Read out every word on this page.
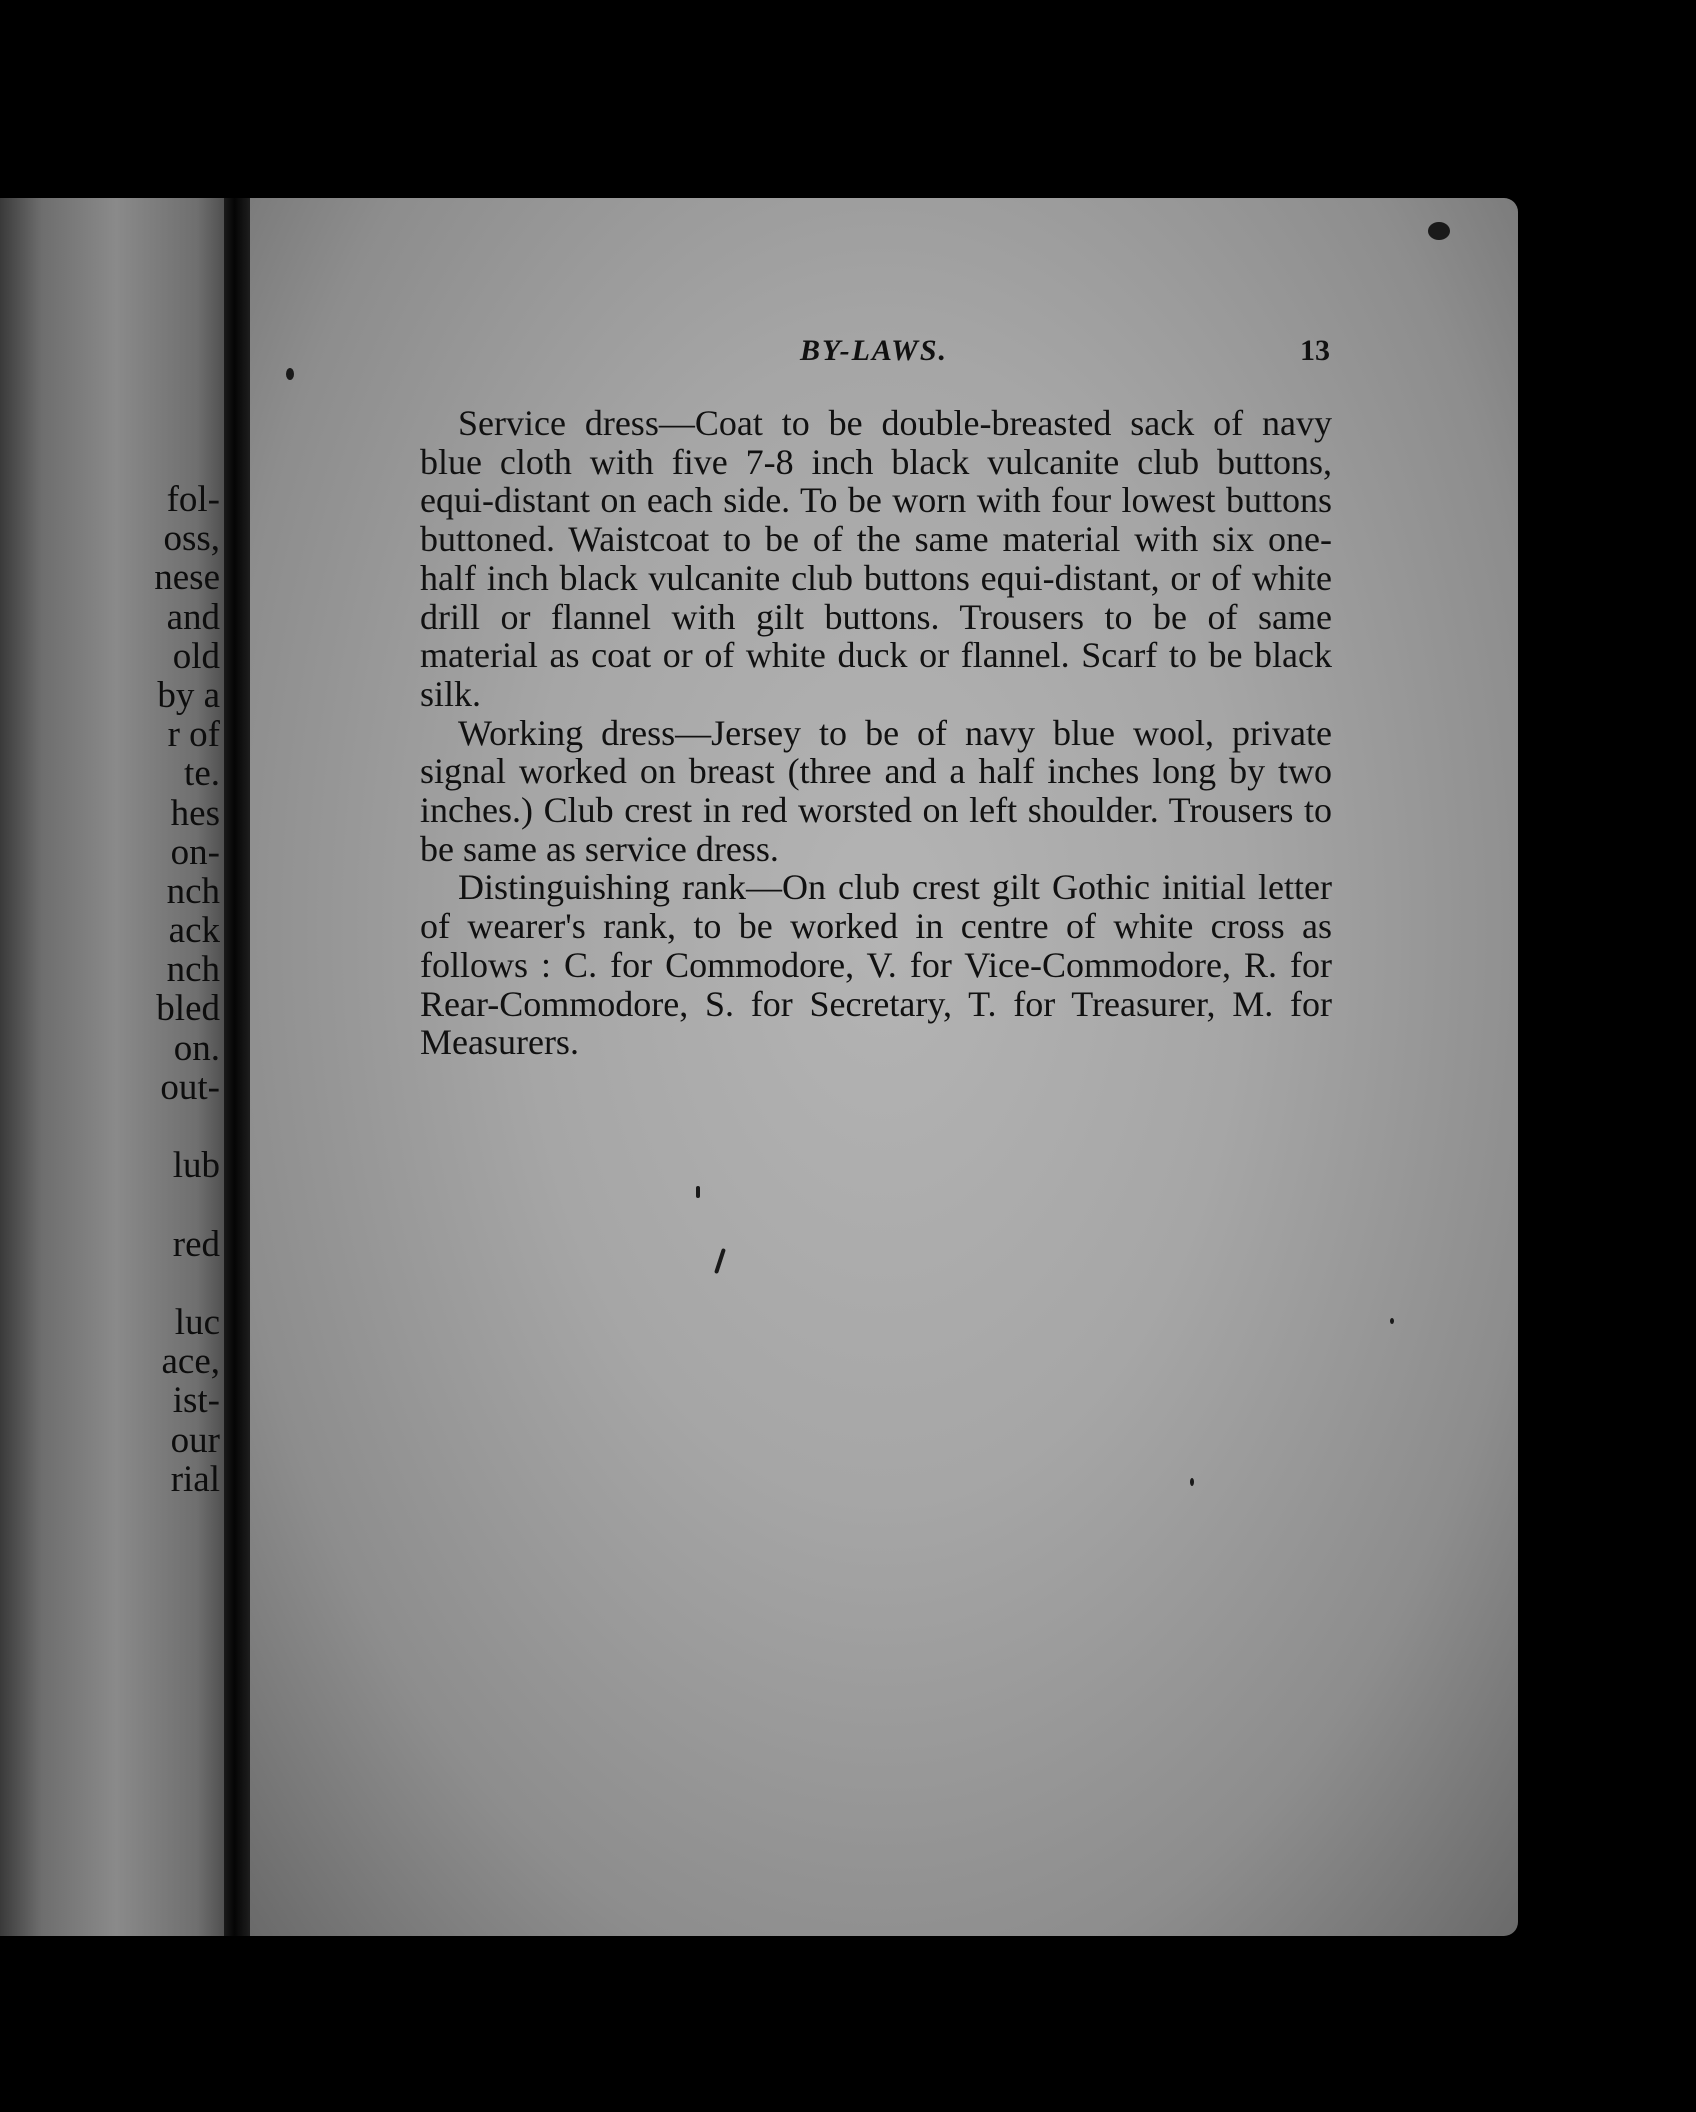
fol-
oss,
nese
and
old
by a
r of
te.
hes
on-
nch
ack
nch
bled
on.
out-
lub
red
luc
ace,
ist-
our
rial
BY-LAWS.	13

Service dress—Coat to be double-breasted sack of navy blue cloth with five 7-8 inch black vulcanite club buttons, equi-distant on each side. To be worn with four lowest buttons buttoned. Waistcoat to be of the same material with six one-half inch black vulcanite club buttons equi-distant, or of white drill or flannel with gilt buttons. Trousers to be of same material as coat or of white duck or flannel. Scarf to be black silk.

Working dress—Jersey to be of navy blue wool, private signal worked on breast (three and a half inches long by two inches.) Club crest in red worsted on left shoulder. Trousers to be same as service dress.

Distinguishing rank—On club crest gilt Gothic initial letter of wearer's rank, to be worked in centre of white cross as follows : C. for Commodore, V. for Vice-Commodore, R. for Rear-Commodore, S. for Secretary, T. for Treasurer, M. for Measurers.
